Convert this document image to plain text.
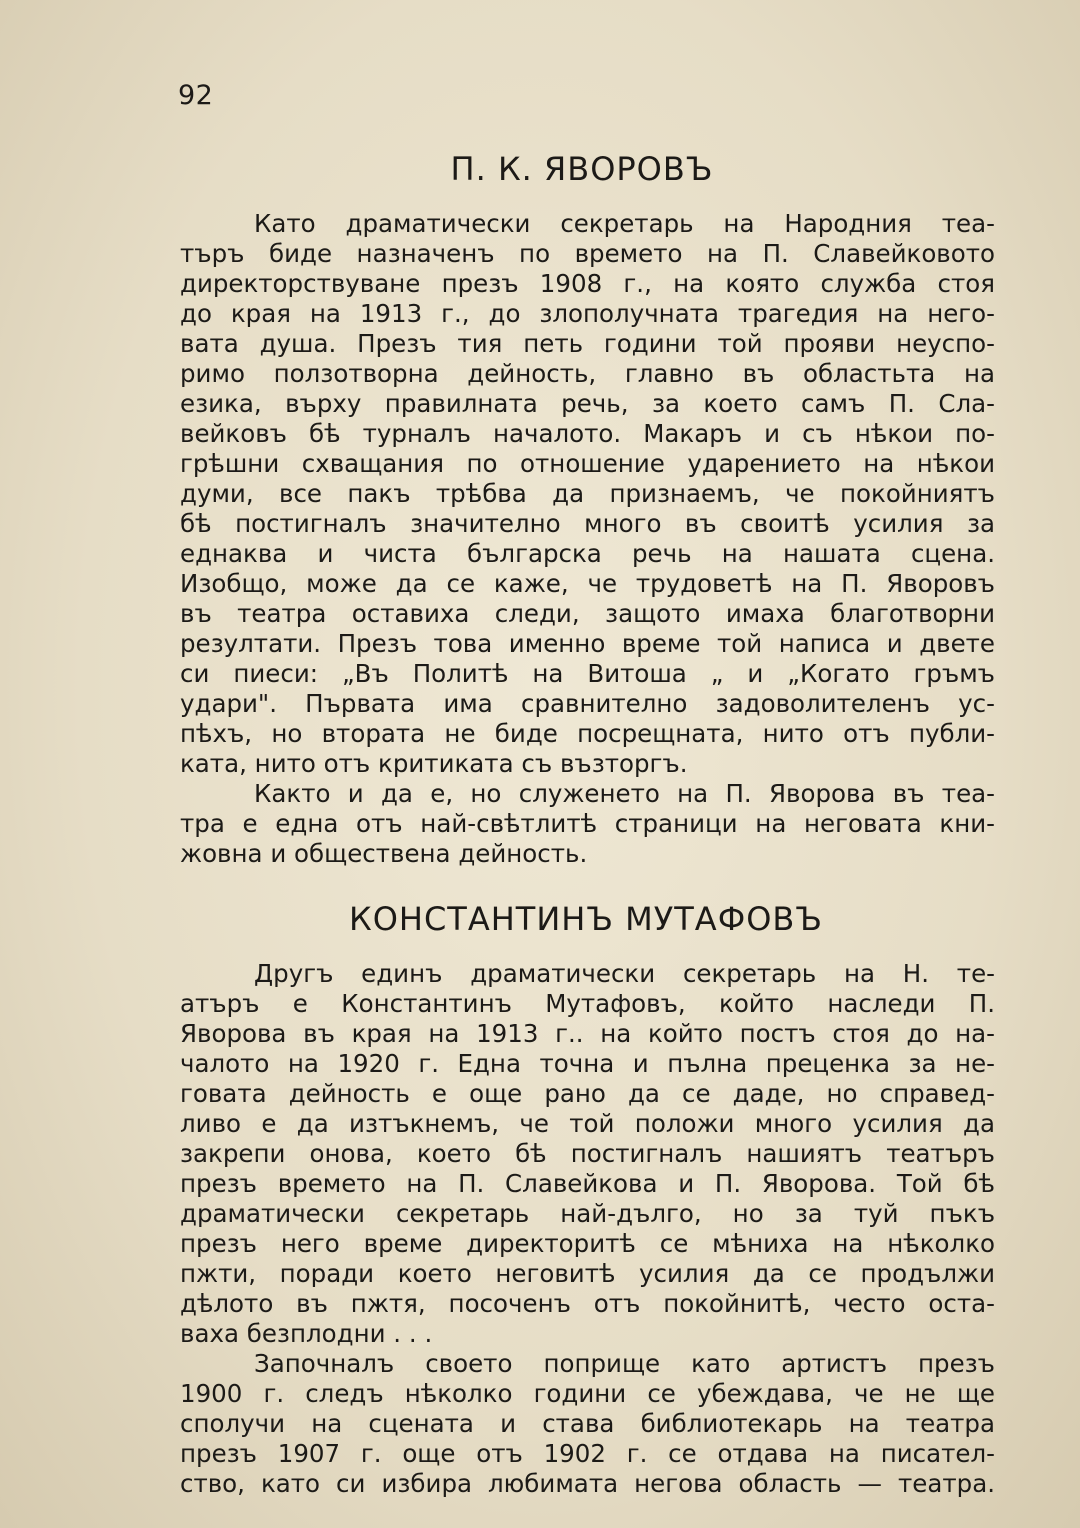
92
П. К. ЯВОРОВЪ
Като драматически секретарь на Народния теа-
търъ биде назначенъ по времето на П. Славейковото
директорствуване презъ 1908 г., на която служба стоя
до края на 1913 г., до злополучната трагедия на него-
вата душа. Презъ тия петь години той прояви неуспо-
римо ползотворна дейность, главно въ областьта на
езика, върху правилната речь, за което самъ П. Сла-
вейковъ бѣ турналъ началото. Макаръ и съ нѣкои по-
грѣшни схващания по отношение ударението на нѣкои
думи, все пакъ трѣбва да признаемъ, че покойниятъ
бѣ постигналъ значително много въ своитѣ усилия за
еднаква и чиста българска речь на нашата сцена.
Изобщо, може да се каже, че трудоветѣ на П. Яворовъ
въ театра оставиха следи, защото имаха благотворни
резултати. Презъ това именно време той написа и двете
си пиеси: „Въ Политѣ на Витоша „ и „Когато гръмъ
удари". Първата има сравнително задоволителенъ ус-
пѣхъ, но втората не биде посрещната, нито отъ публи-
ката, нито отъ критиката съ възторгъ.
Както и да е, но служенето на П. Яворова въ теа-
тра е една отъ най-свѣтлитѣ страници на неговата кни-
жовна и обществена дейность.
КОНСТАНТИНЪ МУТАФОВЪ
Другъ единъ драматически секретарь на Н. те-
атъръ е Константинъ Мутафовъ, който наследи П.
Яворова въ края на 1913 г.. на който постъ стоя до на-
чалото на 1920 г. Една точна и пълна преценка за не-
говата дейность е още рано да се даде, но справед-
ливо е да изтъкнемъ, че той положи много усилия да
закрепи онова, което бѣ постигналъ нашиятъ театъръ
презъ времето на П. Славейкова и П. Яворова. Той бѣ
драматически секретарь най-дълго, но за туй пъкъ
презъ него време директоритѣ се мѣниха на нѣколко
пжти, поради което неговитѣ усилия да се продължи
дѣлото въ пжтя, посоченъ отъ покойнитѣ, често оста-
ваха безплодни . . .
Започналъ своето поприще като артистъ презъ
1900 г. следъ нѣколко години се убеждава, че не ще
сполучи на сцената и става библиотекарь на театра
презъ 1907 г. още отъ 1902 г. се отдава на писател-
ство, като си избира любимата негова область — театра.
